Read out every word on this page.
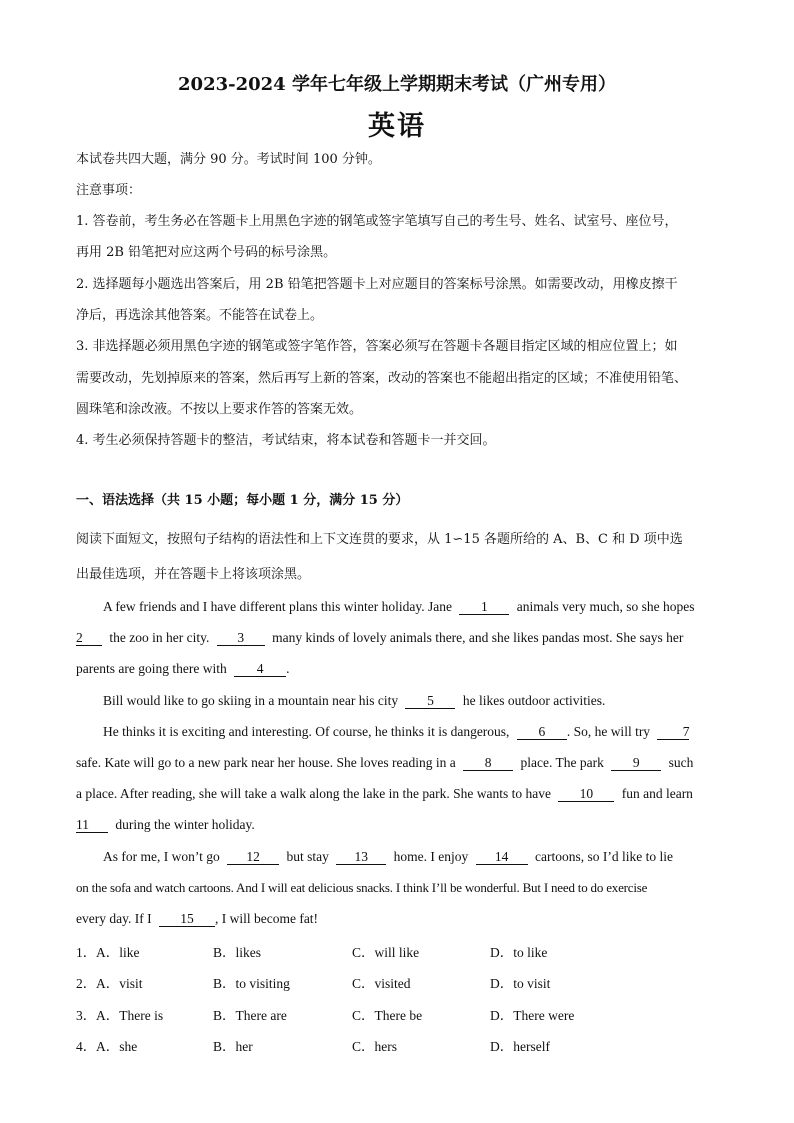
2023-2024 学年七年级上学期期末考试（广州专用）
英语
本试卷共四大题，满分 90 分。考试时间 100 分钟。
注意事项：
1. 答卷前，考生务必在答题卡上用黑色字迹的钢笔或签字笔填写自己的考生号、姓名、试室号、座位号，
再用 2B 铅笔把对应这两个号码的标号涂黑。
2. 选择题每小题选出答案后，用 2B 铅笔把答题卡上对应题目的答案标号涂黑。如需要改动，用橡皮擦干
净后，再选涂其他答案。不能答在试卷上。
3. 非选择题必须用黑色字迹的钢笔或签字笔作答，答案必须写在答题卡各题目指定区域的相应位置上；如
需要改动，先划掉原来的答案，然后再写上新的答案，改动的答案也不能超出指定的区域；不准使用铅笔、
圆珠笔和涂改液。不按以上要求作答的答案无效。
4. 考生必须保持答题卡的整洁，考试结束，将本试卷和答题卡一并交回。
一、语法选择（共 15 小题；每小题 1 分，满分 15 分）
阅读下面短文，按照句子结构的语法性和上下文连贯的要求，从 1∽15 各题所给的 A、B、C 和 D 项中选
出最佳选项，并在答题卡上将该项涂黑。
A few friends and I have different plans this winter holiday. Jane 1 animals very much, so she hopes
2 the zoo in her city. 3 many kinds of lovely animals there, and she likes pandas most. She says her
parents are going there with 4 .
Bill would like to go skiing in a mountain near his city 5 he likes outdoor activities.
He thinks it is exciting and interesting. Of course, he thinks it is dangerous, 6 . So, he will try 7
safe. Kate will go to a new park near her house. She loves reading in a 8 place. The park 9 such
a place. After reading, she will take a walk along the lake in the park. She wants to have 10 fun and learn
11 during the winter holiday.
As for me, I won’t go 12 but stay 13 home. I enjoy 14 cartoons, so I’d like to lie
on the sofa and watch cartoons. And I will eat delicious snacks. I think I’ll be wonderful. But I need to do exercise
every day. If I 15 , I will become fat!
1． A．like	B．likes	C．will like	D．to like
2． A．visit	B．to visiting	C．visited	D．to visit
3． A．There is	B．There are	C．There be	D．There were
4． A．she	B．her	C．hers	D．herself
